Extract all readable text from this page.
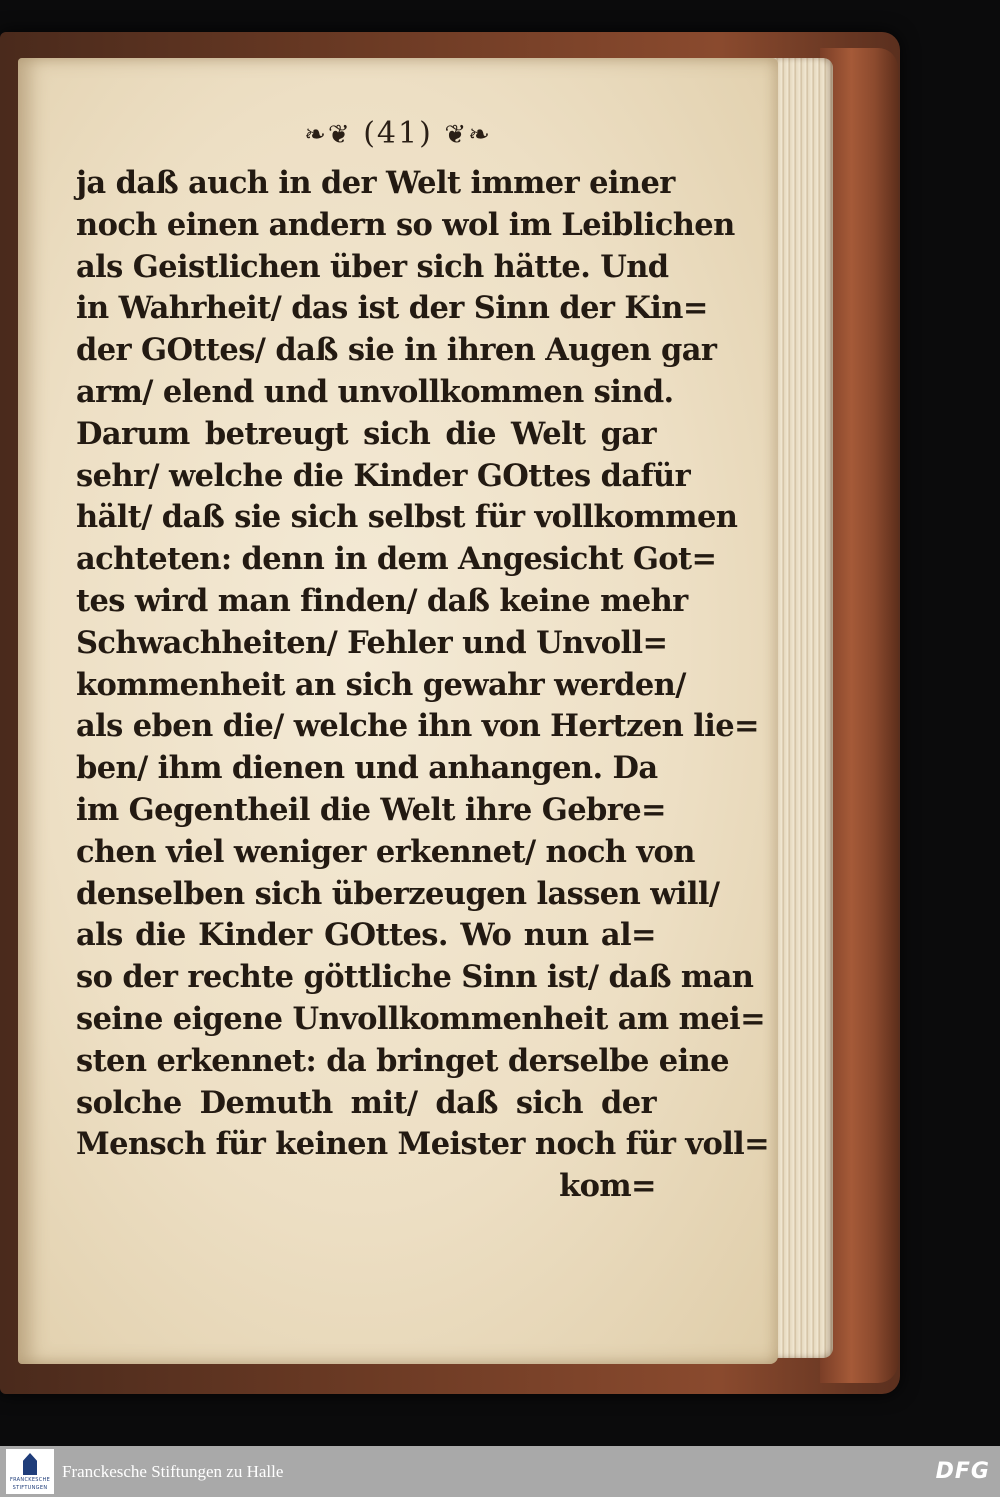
❧❦ (41) ❦❧
ja daß auch in der Welt immer einer
noch einen andern so wol im Leiblichen
als Geistlichen über sich hätte. Und
in Wahrheit/ das ist der Sinn der Kin=
der GOttes/ daß sie in ihren Augen gar
arm/ elend und unvollkommen sind.
Darum betreugt sich die Welt gar
sehr/ welche die Kinder GOttes dafür
hält/ daß sie sich selbst für vollkommen
achteten: denn in dem Angesicht Got=
tes wird man finden/ daß keine mehr
Schwachheiten/ Fehler und Unvoll=
kommenheit an sich gewahr werden/
als eben die/ welche ihn von Hertzen lie=
ben/ ihm dienen und anhangen. Da
im Gegentheil die Welt ihre Gebre=
chen viel weniger erkennet/ noch von
denselben sich überzeugen lassen will/
als die Kinder GOttes. Wo nun al=
so der rechte göttliche Sinn ist/ daß man
seine eigene Unvollkommenheit am mei=
sten erkennet: da bringet derselbe eine
solche Demuth mit/ daß sich der
Mensch für keinen Meister noch für voll=
kom=
FRANCKESCHE
STIFTUNGEN
Franckesche Stiftungen zu Halle	DFG
